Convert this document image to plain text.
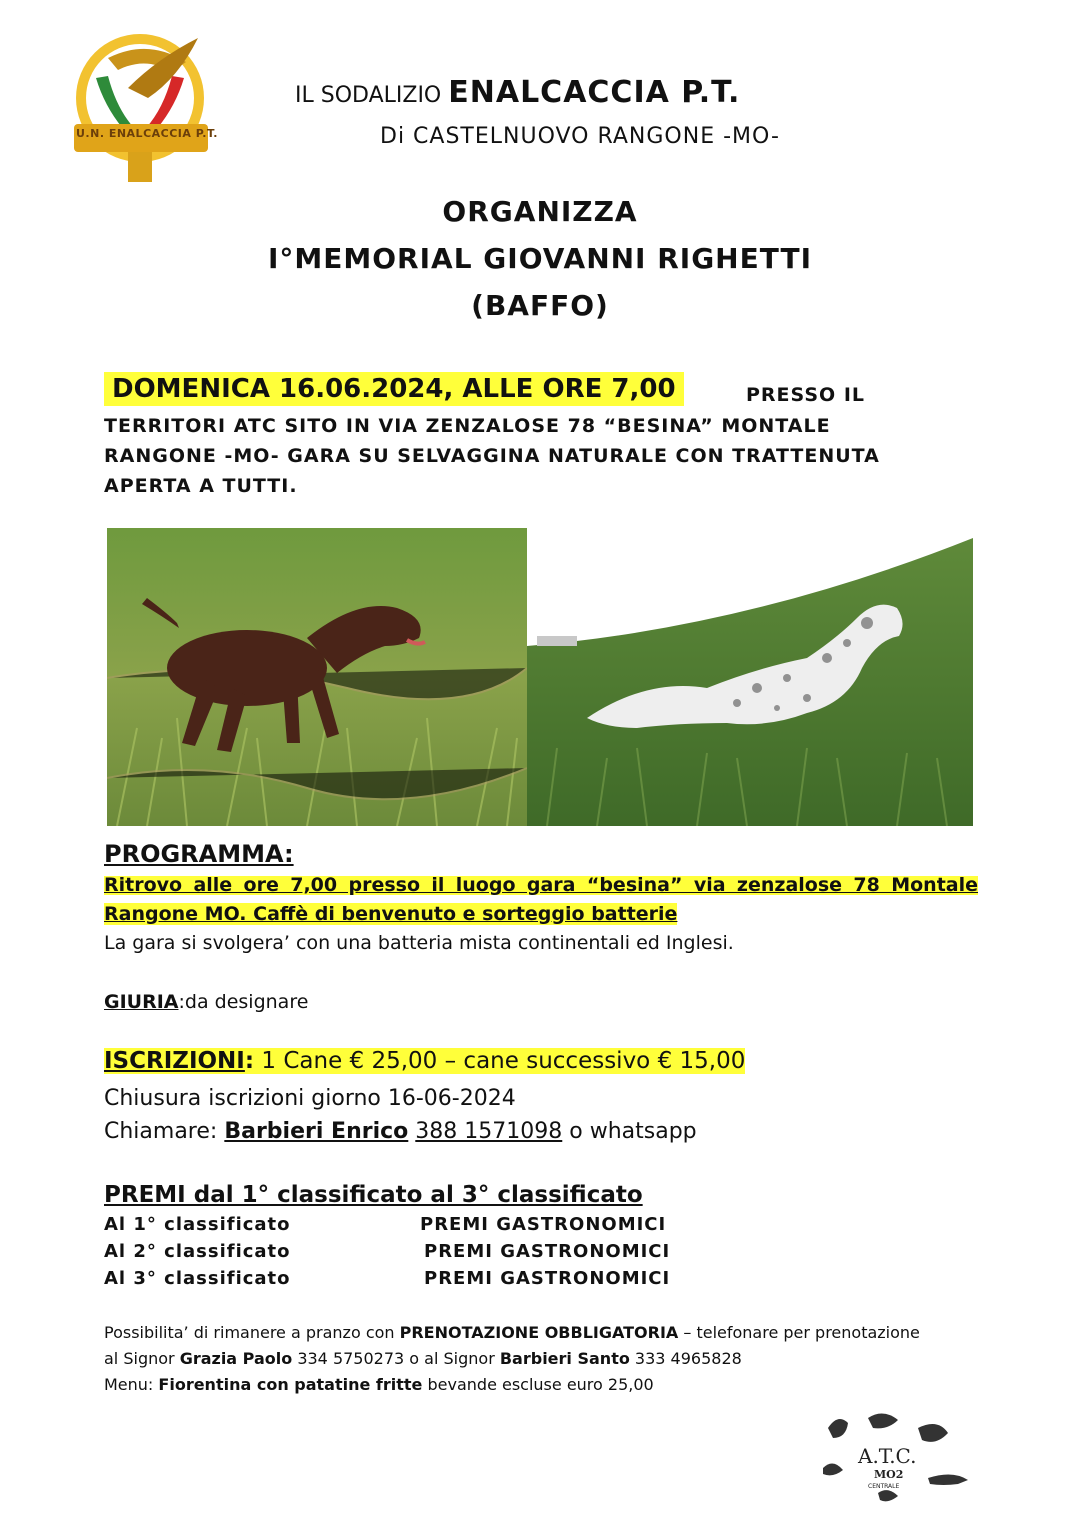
U.N. ENALCACCIA P.T.
IL SODALIZIO ENALCACCIA P.T.
Di CASTELNUOVO RANGONE -MO-
ORGANIZZA
I°MEMORIAL GIOVANNI RIGHETTI
(BAFFO)
DOMENICA 16.06.2024, ALLE ORE 7,00	PRESSO IL
TERRITORI ATC SITO IN VIA ZENZALOSE 78 “BESINA” MONTALE
RANGONE -MO- GARA SU SELVAGGINA NATURALE CON TRATTENUTA
APERTA A TUTTI.
PROGRAMMA:
Ritrovo alle ore 7,00 presso il luogo gara “besina” via zenzalose 78 Montale
Rangone MO. Caffè di benvenuto e sorteggio batterie
La gara si svolgera’ con una batteria mista continentali ed Inglesi.
GIURIA:da designare
ISCRIZIONI: 1 Cane € 25,00 – cane successivo € 15,00
Chiusura iscrizioni giorno 16-06-2024
Chiamare: Barbieri Enrico 388 1571098 o whatsapp
PREMI dal 1° classificato al 3° classificato
Al 1° classificato	PREMI GASTRONOMICI
Al 2° classificato	PREMI GASTRONOMICI
Al 3° classificato	PREMI GASTRONOMICI
Possibilita’ di rimanere a pranzo con PRENOTAZIONE OBBLIGATORIA – telefonare per prenotazione
al Signor Grazia Paolo 334 5750273 o al Signor Barbieri Santo 333 4965828
Menu: Fiorentina con patatine fritte bevande escluse euro 25,00
A.T.C.
MO2
CENTRALE
